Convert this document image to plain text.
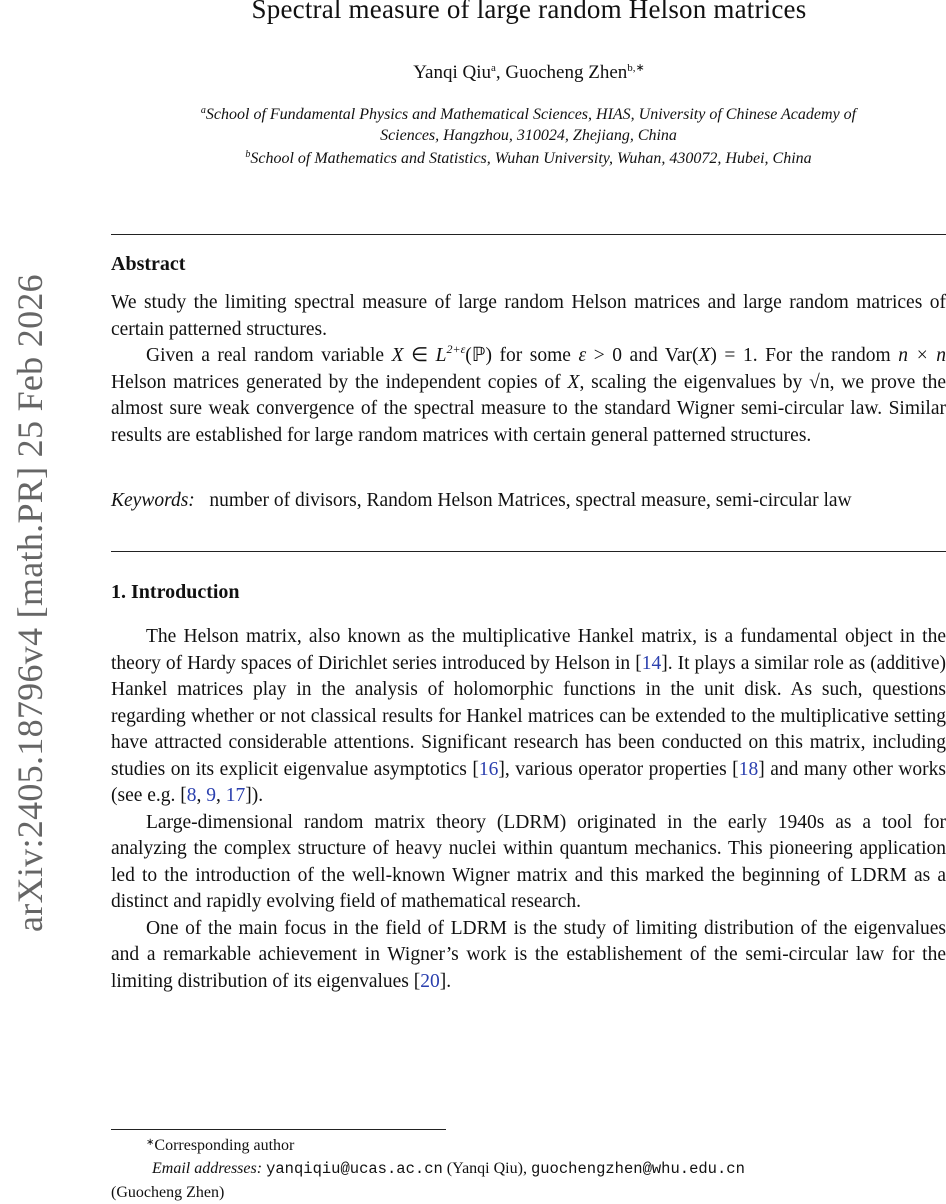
arXiv:2405.18796v4 [math.PR] 25 Feb 2026
Spectral measure of large random Helson matrices
Yanqi Qiu$^a$, Guocheng Zhen$^{b,∗}$
$^a$School of Fundamental Physics and Mathematical Sciences, HIAS, University of Chinese Academy of
Sciences, Hangzhou, 310024, Zhejiang, China
$^b$School of Mathematics and Statistics, Wuhan University, Wuhan, 430072, Hubei, China
Abstract

We study the limiting spectral measure of large random Helson matrices and large random matrices of certain patterned structures.

Given a real random variable X ∈ $L^{2+\varepsilon}(ℙ)$ for some ε > 0 and Var(X) = 1. For the random n × n Helson matrices generated by the independent copies of X, scaling the eigenvalues by √n, we prove the almost sure weak convergence of the spectral measure to the standard Wigner semi-circular law. Similar results are established for large random matrices with certain general patterned structures.

Keywords: number of divisors, Random Helson Matrices, spectral measure, semi-circular law
1. Introduction

The Helson matrix, also known as the multiplicative Hankel matrix, is a fundamental object in the theory of Hardy spaces of Dirichlet series introduced by Helson in [14]. It plays a similar role as (additive) Hankel matrices play in the analysis of holomorphic functions in the unit disk. As such, questions regarding whether or not classical results for Hankel matrices can be extended to the multiplicative setting have attracted considerable attentions. Significant research has been conducted on this matrix, including studies on its explicit eigenvalue asymptotics [16], various operator properties [18] and many other works (see e.g. [8, 9, 17]).

Large-dimensional random matrix theory (LDRM) originated in the early 1940s as a tool for analyzing the complex structure of heavy nuclei within quantum mechanics. This pioneering application led to the introduction of the well-known Wigner matrix and this marked the beginning of LDRM as a distinct and rapidly evolving field of mathematical research.

One of the main focus in the field of LDRM is the study of limiting distribution of the eigenvalues and a remarkable achievement in Wigner’s work is the establishement of the semi-circular law for the limiting distribution of its eigenvalues [20].

∗Corresponding author
Email addresses: yanqiqiu@ucas.ac.cn (Yanqi Qiu), guochengzhen@whu.edu.cn
(Guocheng Zhen)
